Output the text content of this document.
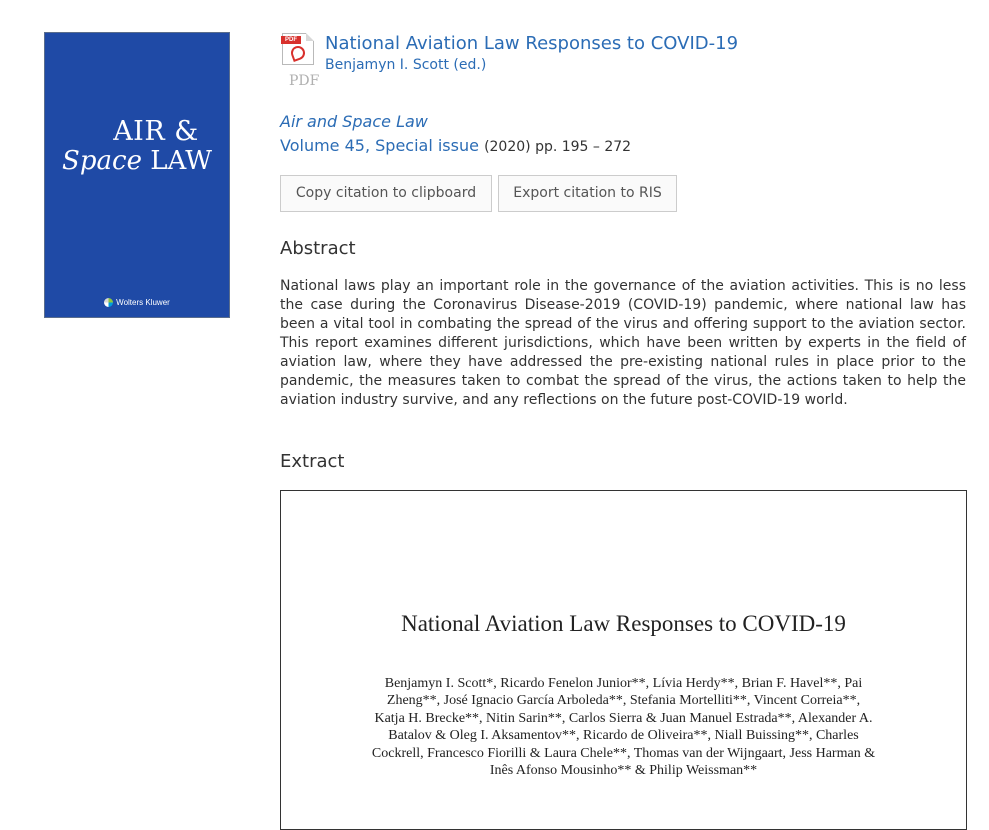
AIR &
Space LAW
Wolters Kluwer
PDF
PDF
National Aviation Law Responses to COVID-19
Benjamyn I. Scott (ed.)
Air and Space Law
Volume 45, Special issue (2020) pp. 195 – 272
Copy citation to clipboard	Export citation to RIS
Abstract

National laws play an important role in the governance of the aviation activities. This is no less the case during the Coronavirus Disease-2019 (COVID-19) pandemic, where national law has been a vital tool in combating the spread of the virus and offering support to the aviation sector. This report examines different jurisdictions, which have been written by experts in the field of aviation law, where they have addressed the pre-existing national rules in place prior to the pandemic, the measures taken to combat the spread of the virus, the actions taken to help the aviation industry survive, and any reflections on the future post-COVID-19 world.

Extract
National Aviation Law Responses to COVID-19
Benjamyn I. Scott*, Ricardo Fenelon Junior**, Lívia Herdy**, Brian F. Havel**, Pai Zheng**, José Ignacio García Arboleda**, Stefania Mortelliti**, Vincent Correia**, Katja H. Brecke**, Nitin Sarin**, Carlos Sierra & Juan Manuel Estrada**, Alexander A. Batalov & Oleg I. Aksamentov**, Ricardo de Oliveira**, Niall Buissing**, Charles Cockrell, Francesco Fiorilli & Laura Chele**, Thomas van der Wijngaart, Jess Harman & Inês Afonso Mousinho** & Philip Weissman**
